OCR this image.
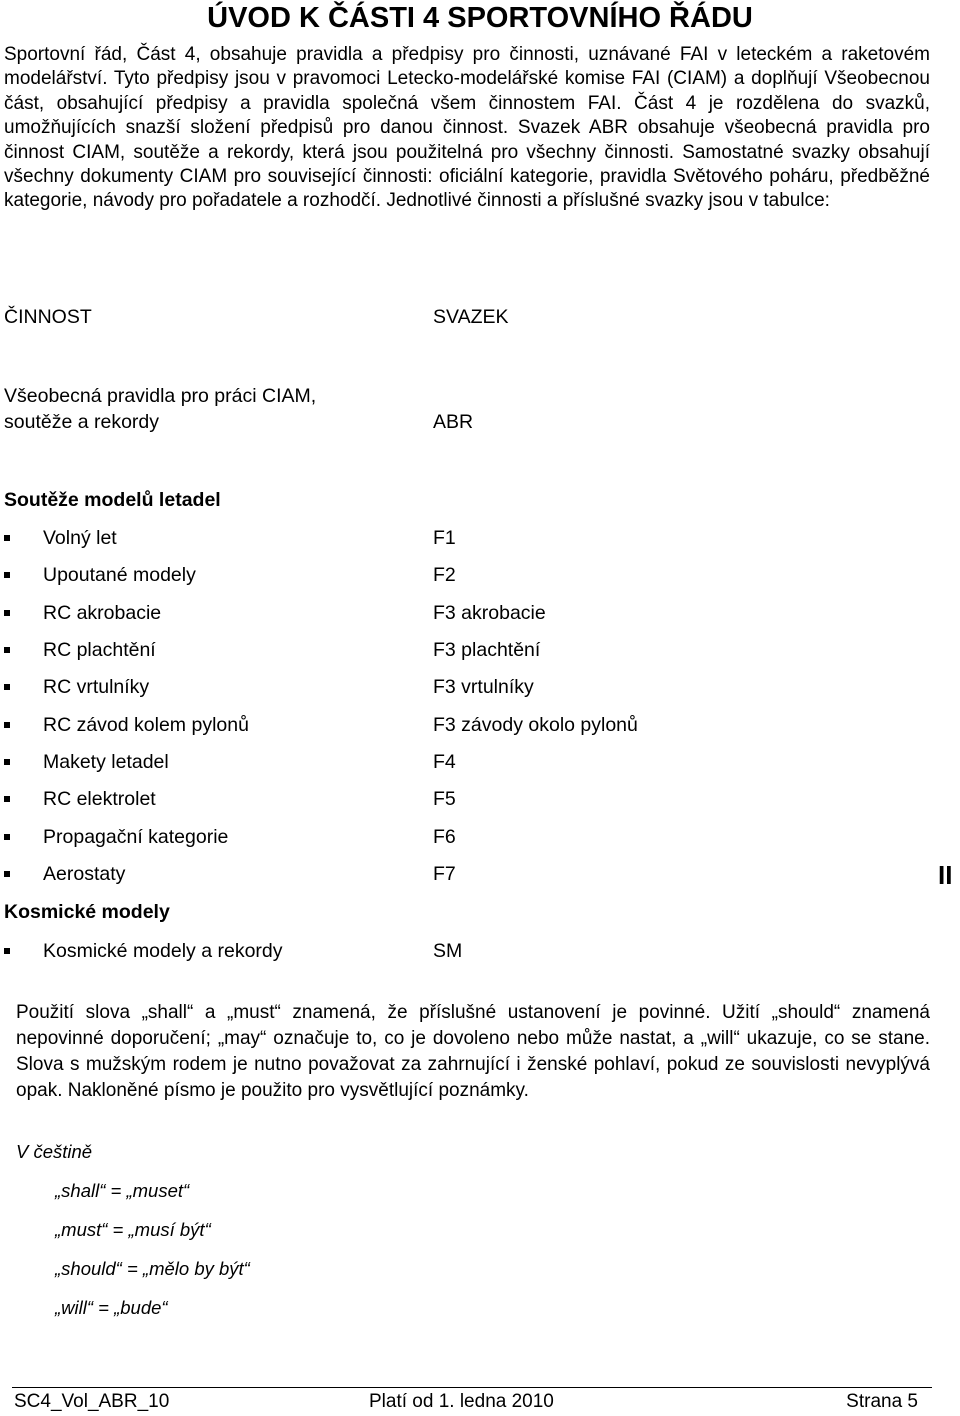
ÚVOD K ČÁSTI 4 SPORTOVNÍHO ŘÁDU

Sportovní řád, Část 4, obsahuje pravidla a předpisy pro činnosti, uznávané FAI v leteckém a raketovém modelářství. Tyto předpisy jsou v pravomoci Letecko-modelářské komise FAI (CIAM) a doplňují Všeobecnou část, obsahující předpisy a pravidla společná všem činnostem FAI. Část 4 je rozdělena do svazků, umožňujících snazší složení předpisů pro danou činnost. Svazek ABR obsahuje všeobecná pravidla pro činnost CIAM, soutěže a rekordy, která jsou použitelná pro všechny činnosti. Samostatné svazky obsahují všechny dokumenty CIAM pro související činnosti: oficiální kategorie, pravidla Světového poháru, předběžné kategorie, návody pro pořadatele a rozhodčí. Jednotlivé činnosti a příslušné svazky jsou v tabulce:

ČINNOST	SVAZEK
Všeobecná pravidla pro práci CIAM,
soutěže a rekordy	ABR
Soutěže modelů letadel
Volný let	F1
Upoutané modely	F2
RC akrobacie	F3 akrobacie
RC plachtění	F3 plachtění
RC vrtulníky	F3 vrtulníky
RC závod kolem pylonů	F3 závody okolo pylonů
Makety letadel	F4
RC elektrolet	F5
Propagační kategorie	F6
Aerostaty	F7	II
Kosmické modely
Kosmické modely a rekordy	SM

Použití slova „shall“ a „must“ znamená, že příslušné ustanovení je povinné. Užití „should“ znamená nepovinné doporučení; „may“ označuje to, co je dovoleno nebo může nastat, a „will“ ukazuje, co se stane. Slova s mužským rodem je nutno považovat za zahrnující i ženské pohlaví, pokud ze souvislosti nevyplývá opak. Nakloněné písmo je použito pro vysvětlující poznámky.

V češtině
„shall“ = „muset“
„must“ = „musí být“
„should“ = „mělo by být“
„will“ = „bude“
SC4_Vol_ABR_10	Platí od 1. ledna 2010	Strana 5
